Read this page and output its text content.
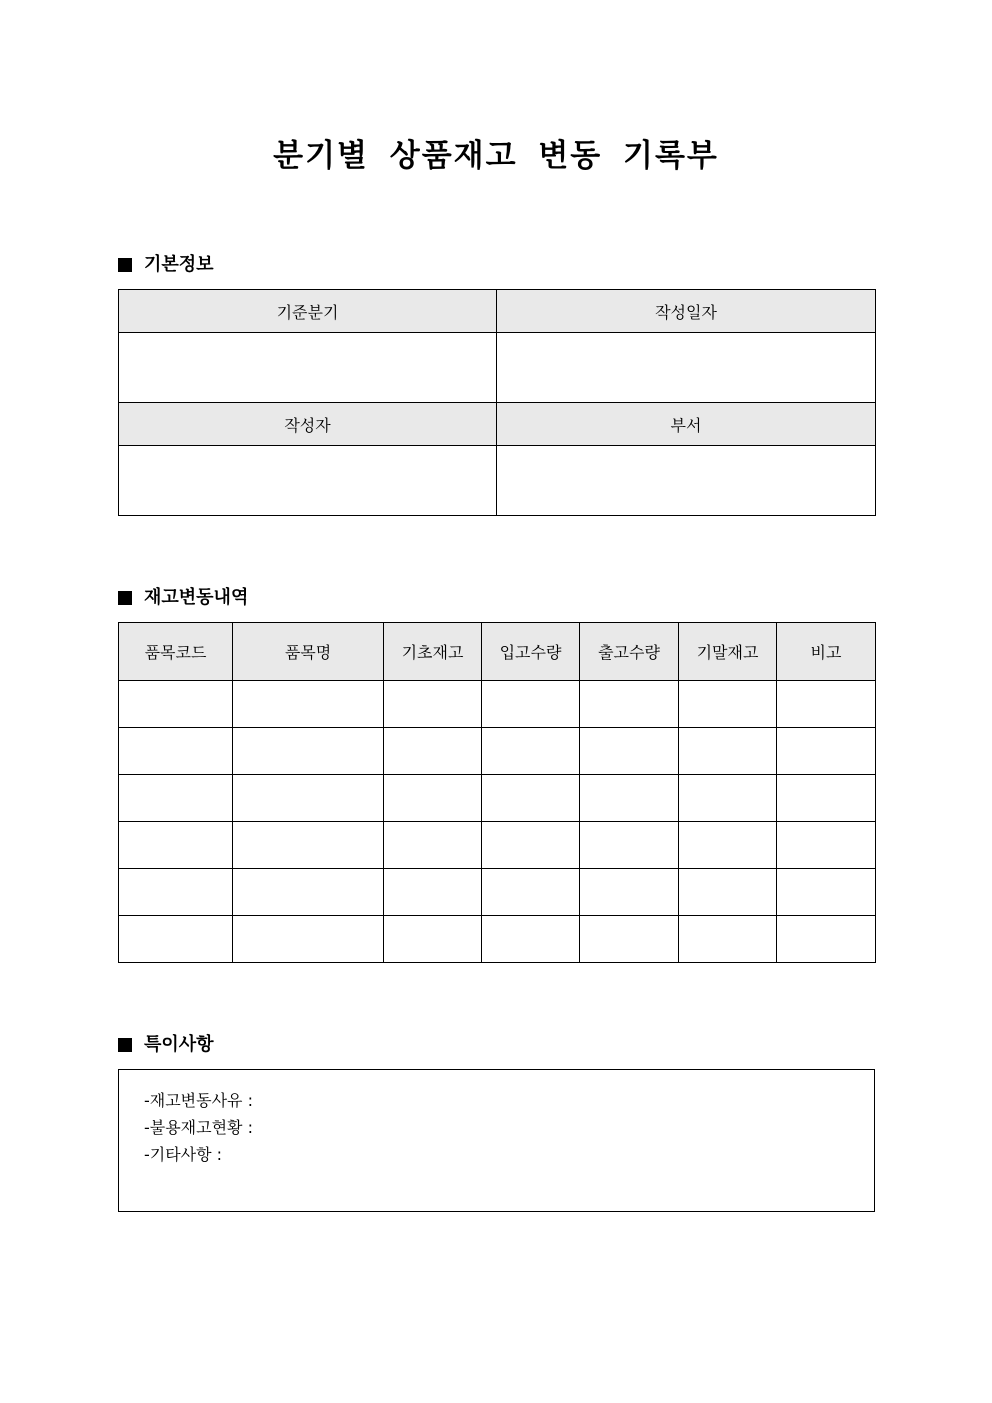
분기별 상품재고 변동 기록부
기본정보
기준분기	작성일자

작성자	부서

재고변동내역
품목코드	품목명	기초재고	입고수량	출고수량	기말재고	비고

특이사항
-재고변동사유 :
-불용재고현황 :
-기타사항 :
